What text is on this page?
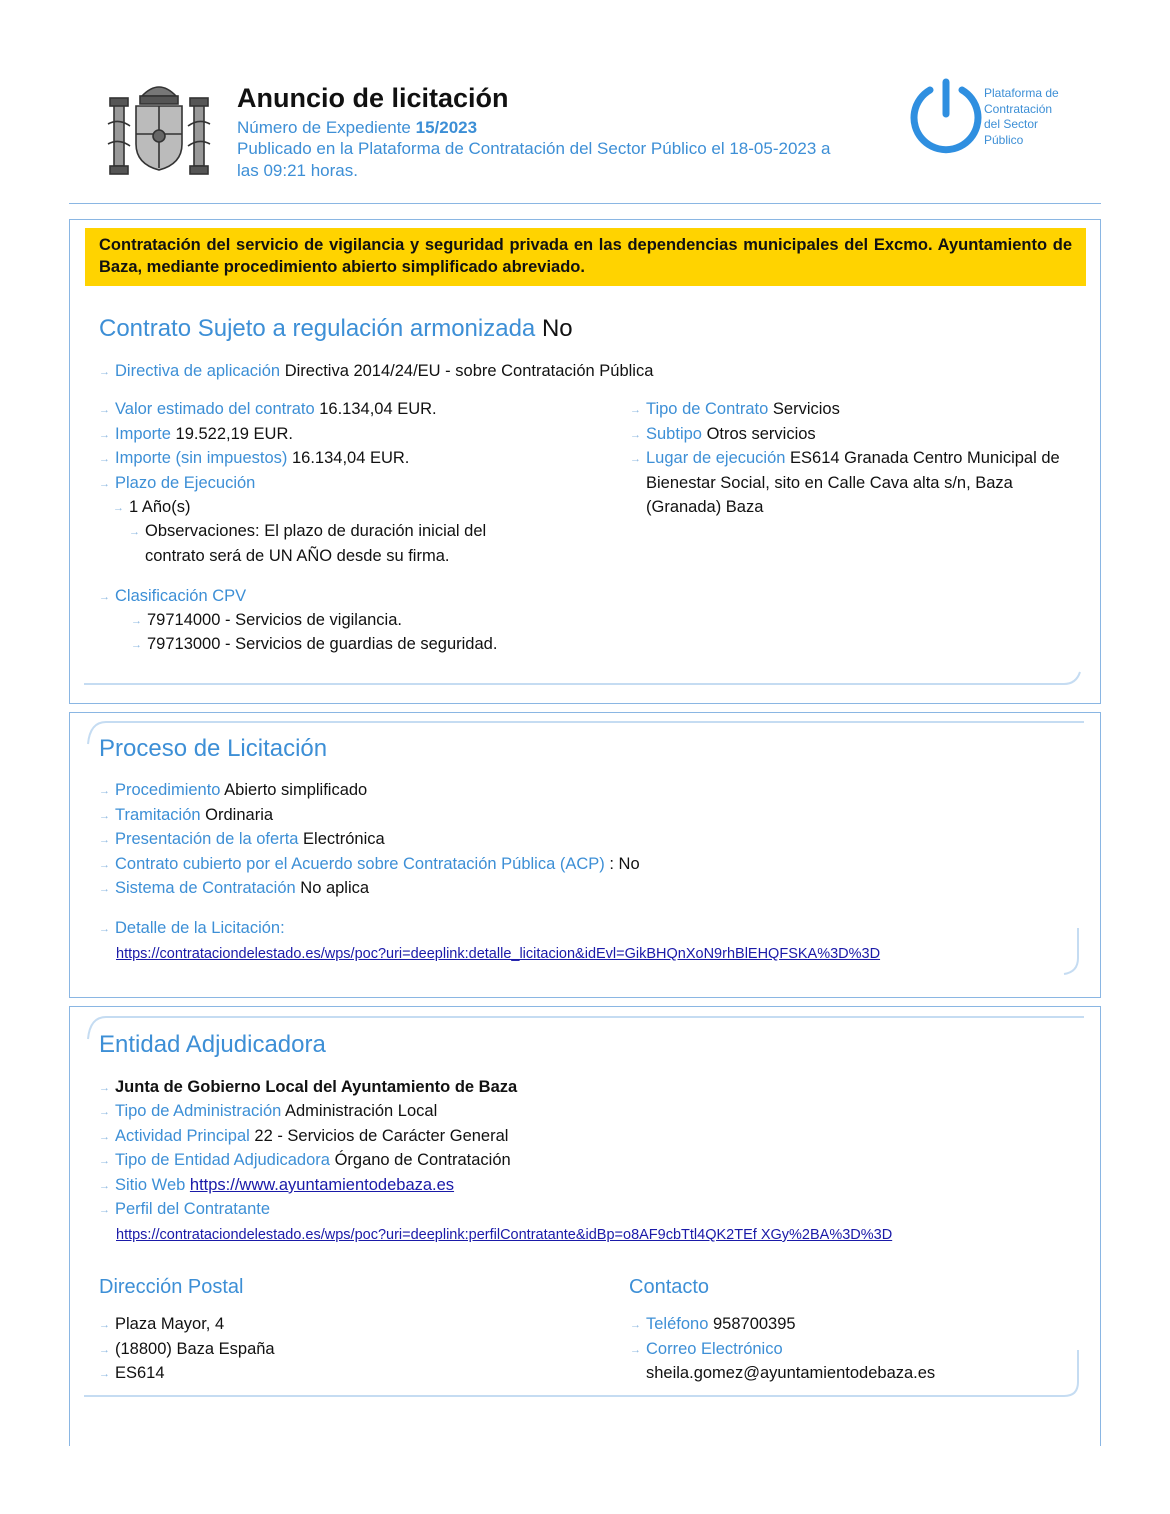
Anuncio de licitación
Número de Expediente 15/2023
Publicado en la Plataforma de Contratación del Sector Público el 18-05-2023 a
las 09:21 horas.
Plataforma de
Contratación
del Sector
Público
Contratación del servicio de vigilancia y seguridad privada en las dependencias municipales del Excmo. Ayuntamiento de Baza, mediante procedimiento abierto simplificado abreviado.
Contrato Sujeto a regulación armonizada No
→ Directiva de aplicación Directiva 2014/24/EU - sobre Contratación Pública
→ Valor estimado del contrato 16.134,04 EUR.
→ Importe 19.522,19 EUR.
→ Importe (sin impuestos) 16.134,04 EUR.
→ Plazo de Ejecución
→ 1 Año(s)
→ Observaciones: El plazo de duración inicial del
contrato será de UN AÑO desde su firma.
→ Clasificación CPV
→ 79714000 - Servicios de vigilancia.
→ 79713000 - Servicios de guardias de seguridad.
→ Tipo de Contrato Servicios
→ Subtipo Otros servicios
→ Lugar de ejecución ES614 Granada Centro Municipal de
Bienestar Social, sito en Calle Cava alta s/n, Baza
(Granada) Baza
Proceso de Licitación
→ Procedimiento Abierto simplificado
→ Tramitación Ordinaria
→ Presentación de la oferta Electrónica
→ Contrato cubierto por el Acuerdo sobre Contratación Pública (ACP) : No
→ Sistema de Contratación No aplica
→ Detalle de la Licitación:
https://contrataciondelestado.es/wps/poc?uri=deeplink:detalle_licitacion&idEvl=GikBHQnXoN9rhBlEHQFSKA%3D%3D
Entidad Adjudicadora
→ Junta de Gobierno Local del Ayuntamiento de Baza
→ Tipo de Administración Administración Local
→ Actividad Principal 22 - Servicios de Carácter General
→ Tipo de Entidad Adjudicadora Órgano de Contratación
→ Sitio Web https://www.ayuntamientodebaza.es
→ Perfil del Contratante
https://contrataciondelestado.es/wps/poc?uri=deeplink:perfilContratante&idBp=o8AF9cbTtl4QK2TEf XGy%2BA%3D%3D
Dirección Postal
→ Plaza Mayor, 4
→ (18800) Baza España
→ ES614
Contacto
→ Teléfono 958700395
→ Correo Electrónico
sheila.gomez@ayuntamientodebaza.es
